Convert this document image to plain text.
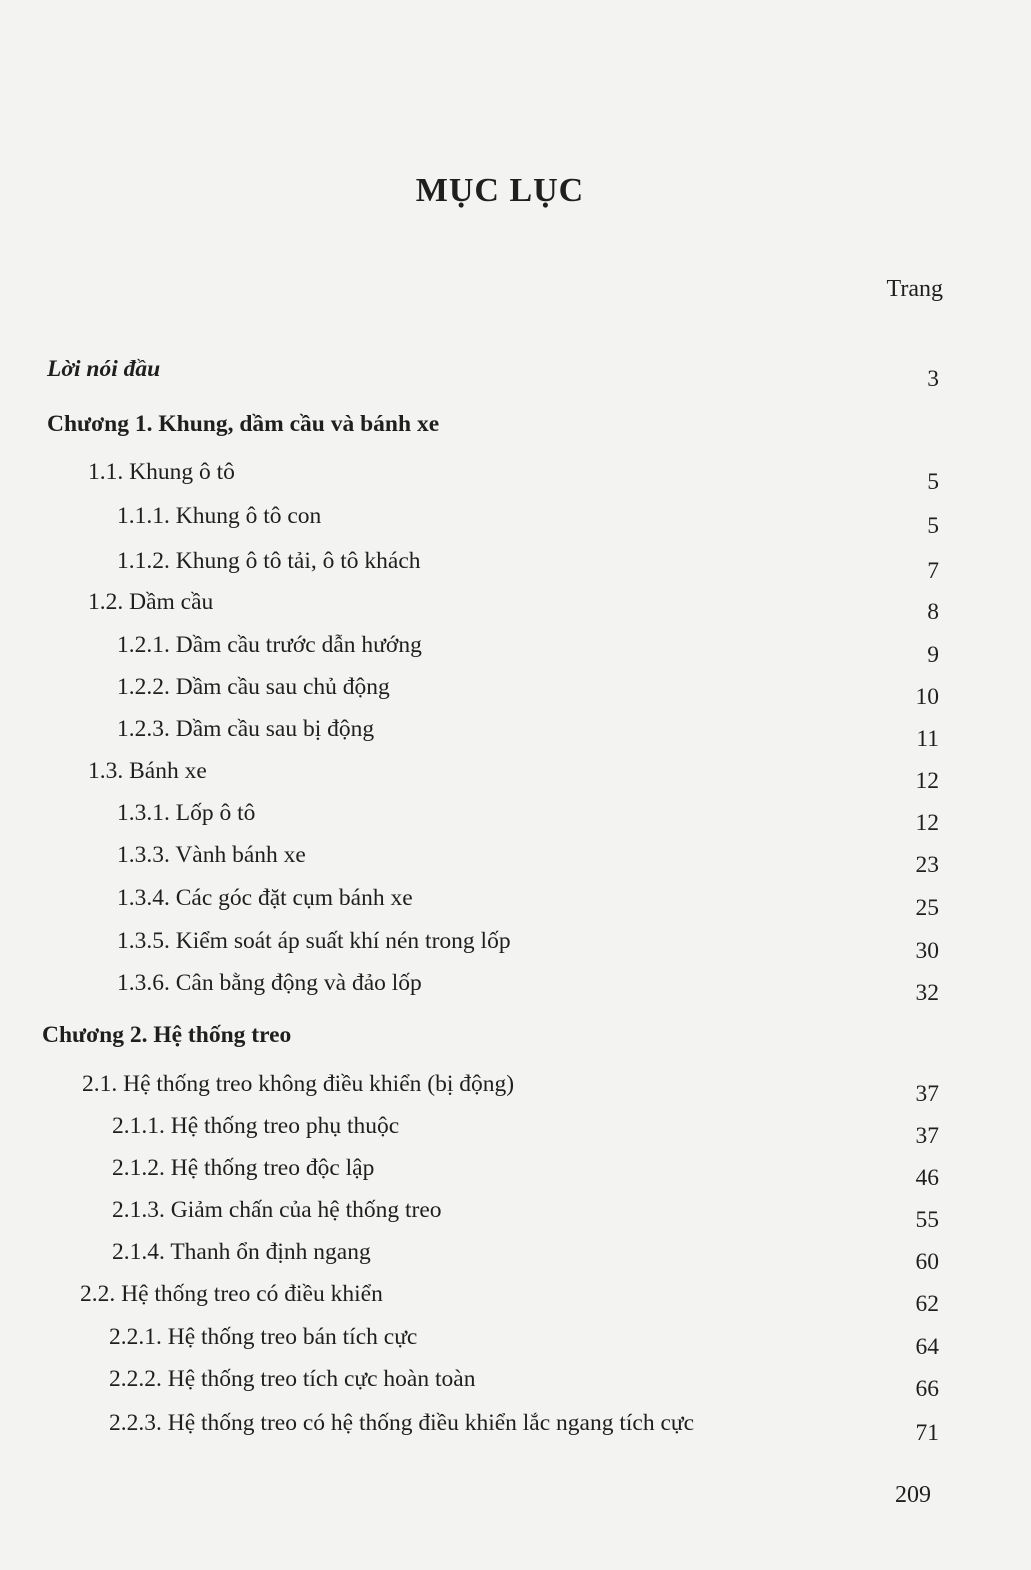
MỤC LỤC
Trang
Lời nói đầu	3
Chương 1. Khung, dầm cầu và bánh xe
1.1. Khung ô tô	5
1.1.1. Khung ô tô con	5
1.1.2. Khung ô tô tải, ô tô khách	7
1.2. Dầm cầu	8
1.2.1. Dầm cầu trước dẫn hướng	9
1.2.2. Dầm cầu sau chủ động	10
1.2.3. Dầm cầu sau bị động	11
1.3. Bánh xe	12
1.3.1. Lốp ô tô	12
1.3.3. Vành bánh xe	23
1.3.4. Các góc đặt cụm bánh xe	25
1.3.5. Kiểm soát áp suất khí nén trong lốp	30
1.3.6. Cân bằng động và đảo lốp	32
Chương 2. Hệ thống treo
2.1. Hệ thống treo không điều khiển (bị động)	37
2.1.1. Hệ thống treo phụ thuộc	37
2.1.2. Hệ thống treo độc lập	46
2.1.3. Giảm chấn của hệ thống treo	55
2.1.4. Thanh ổn định ngang	60
2.2. Hệ thống treo có điều khiển	62
2.2.1. Hệ thống treo bán tích cực	64
2.2.2. Hệ thống treo tích cực hoàn toàn	66
2.2.3. Hệ thống treo có hệ thống điều khiển lắc ngang tích cực	71
209
